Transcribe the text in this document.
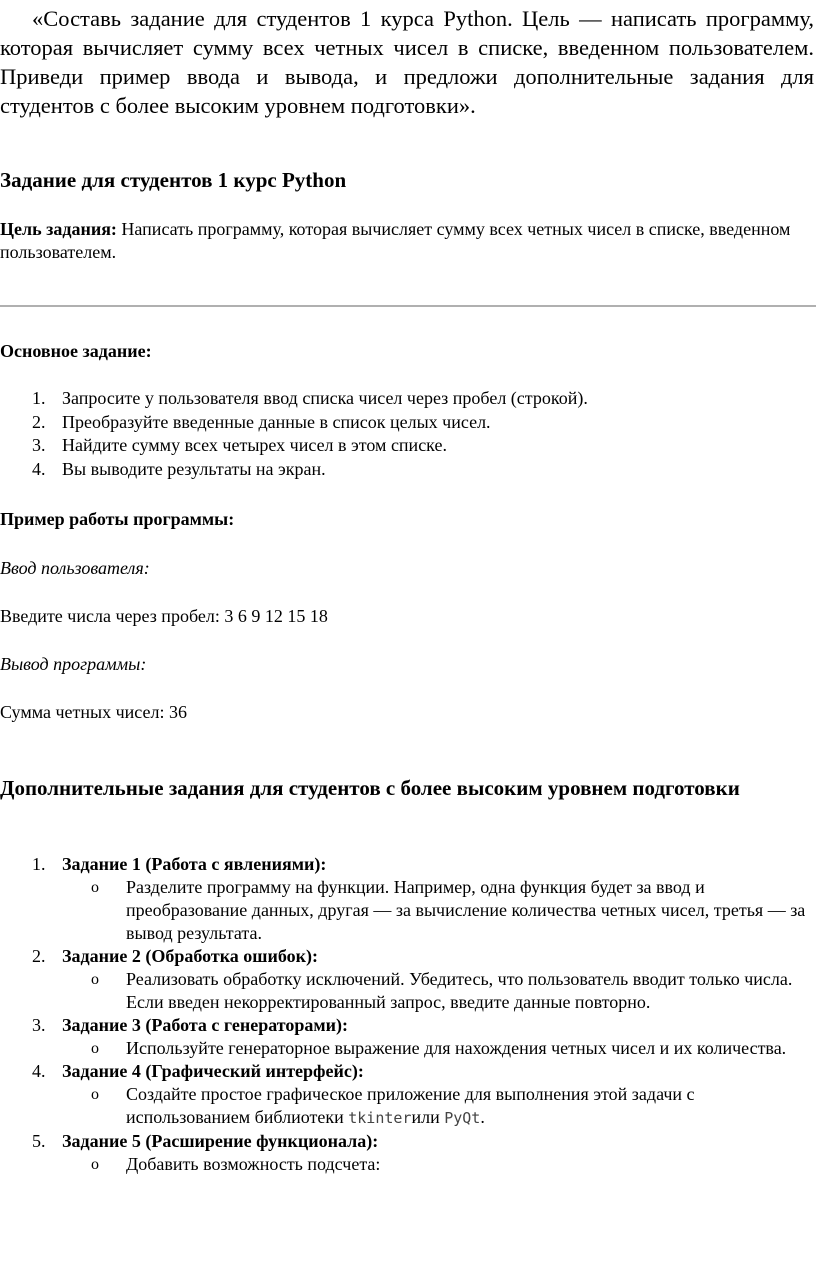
«Составь задание для студентов 1 курса Python. Цель — написать программу, которая вычисляет сумму всех четных чисел в списке, введенном пользователем. Приведи пример ввода и вывода, и предложи дополнительные задания для студентов с более высоким уровнем подготовки».

Задание для студентов 1 курс Python

Цель задания: Написать программу, которая вычисляет сумму всех четных чисел в списке, введенном пользователем.

Основное задание:

1. Запросите у пользователя ввод списка чисел через пробел (строкой).
2. Преобразуйте введенные данные в список целых чисел.
3. Найдите сумму всех четырех чисел в этом списке.
4. Вы выводите результаты на экран.

Пример работы программы:

Ввод пользователя:

Введите числа через пробел: 3 6 9 12 15 18

Вывод программы:

Сумма четных чисел: 36

Дополнительные задания для студентов с более высоким уровнем подготовки
1. Задание 1 (Работа с явлениями):
o Разделите программу на функции. Например, одна функция будет за ввод и преобразование данных, другая — за вычисление количества четных чисел, третья — за вывод результата.
2. Задание 2 (Обработка ошибок):
o Реализовать обработку исключений. Убедитесь, что пользователь вводит только числа. Если введен некорректированный запрос, введите данные повторно.
3. Задание 3 (Работа с генераторами):
o Используйте генераторное выражение для нахождения четных чисел и их количества.
4. Задание 4 (Графический интерфейс):
o Создайте простое графическое приложение для выполнения этой задачи с использованием библиотеки tkinterили PyQt.
5. Задание 5 (Расширение функционала):
o Добавить возможность подсчета:
